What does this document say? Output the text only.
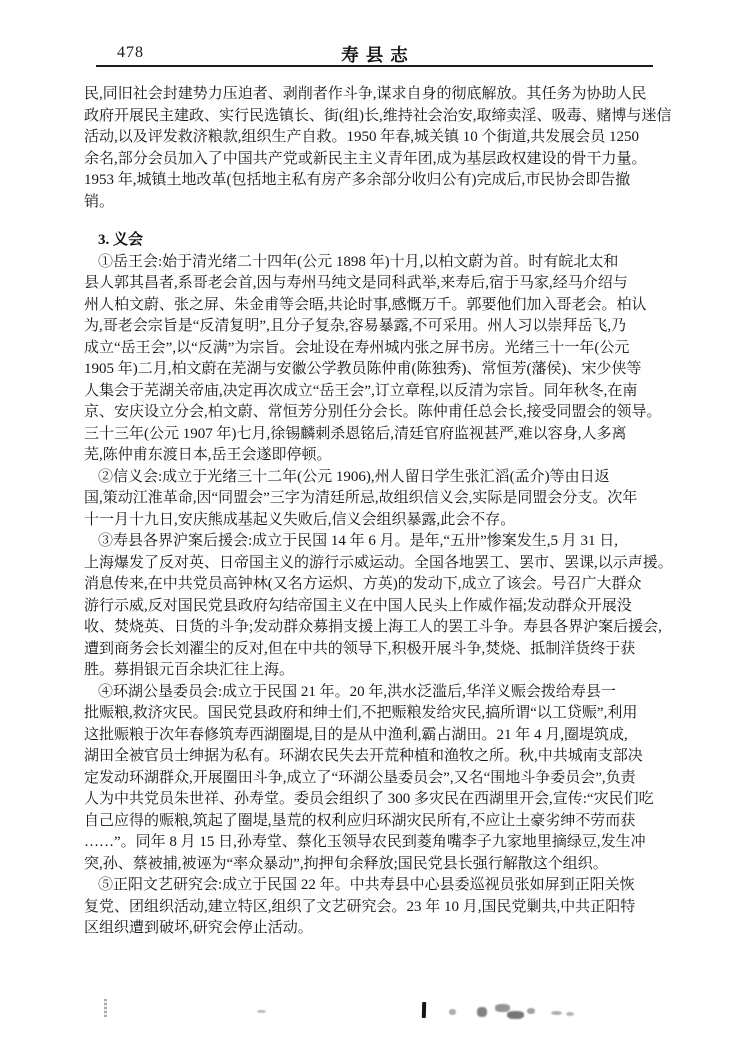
478	寿县志
民,同旧社会封建势力压迫者、剥削者作斗争,谋求自身的彻底解放。其任务为协助人民
政府开展民主建政、实行民选镇长、街(组)长,维持社会治安,取缔卖淫、吸毒、赌博与迷信
活动,以及评发救济粮款,组织生产自救。1950 年春,城关镇 10 个街道,共发展会员 1250
余名,部分会员加入了中国共产党或新民主主义青年团,成为基层政权建设的骨干力量。
1953 年,城镇土地改革(包括地主私有房产多余部分收归公有)完成后,市民协会即告撤
销。
3. 义会
①岳王会:始于清光绪二十四年(公元 1898 年)十月,以柏文蔚为首。时有皖北太和
县人郭其昌者,系哥老会首,因与寿州马纯文是同科武举,来寿后,宿于马家,经马介绍与
州人柏文蔚、张之屏、朱金甫等会晤,共论时事,感慨万千。郭要他们加入哥老会。柏认
为,哥老会宗旨是“反清复明”,且分子复杂,容易暴露,不可采用。州人习以崇拜岳飞,乃
成立“岳王会”,以“反满”为宗旨。会址设在寿州城内张之屏书房。光绪三十一年(公元
1905 年)二月,柏文蔚在芜湖与安徽公学教员陈仲甫(陈独秀)、常恒芳(藩侯)、宋少侠等
人集会于芜湖关帝庙,决定再次成立“岳王会”,订立章程,以反清为宗旨。同年秋冬,在南
京、安庆设立分会,柏文蔚、常恒芳分别任分会长。陈仲甫任总会长,接受同盟会的领导。
三十三年(公元 1907 年)七月,徐锡麟刺杀恩铭后,清廷官府监视甚严,难以容身,人多离
芜,陈仲甫东渡日本,岳王会遂即停顿。
②信义会:成立于光绪三十二年(公元 1906),州人留日学生张汇滔(孟介)等由日返
国,策动江淮革命,因“同盟会”三字为清廷所忌,故组织信义会,实际是同盟会分支。次年
十一月十九日,安庆熊成基起义失败后,信义会组织暴露,此会不存。
③寿县各界沪案后援会:成立于民国 14 年 6 月。是年,“五卅”惨案发生,5 月 31 日,
上海爆发了反对英、日帝国主义的游行示威运动。全国各地罢工、罢市、罢课,以示声援。
消息传来,在中共党员高钟林(又名方运炽、方英)的发动下,成立了该会。号召广大群众
游行示威,反对国民党县政府勾结帝国主义在中国人民头上作威作福;发动群众开展没
收、焚烧英、日货的斗争;发动群众募捐支援上海工人的罢工斗争。寿县各界沪案后援会,
遭到商务会长刘濯尘的反对,但在中共的领导下,积极开展斗争,焚烧、抵制洋货终于获
胜。募捐银元百余块汇往上海。
④环湖公垦委员会:成立于民国 21 年。20 年,洪水泛滥后,华洋义赈会拨给寿县一
批赈粮,救济灾民。国民党县政府和绅士们,不把赈粮发给灾民,搞所谓“以工贷赈”,利用
这批赈粮于次年春修筑寿西湖圈堤,目的是从中渔利,霸占湖田。21 年 4 月,圈堤筑成,
湖田全被官员士绅据为私有。环湖农民失去开荒种植和渔牧之所。秋,中共城南支部决
定发动环湖群众,开展圈田斗争,成立了“环湖公垦委员会”,又名“围地斗争委员会”,负责
人为中共党员朱世祥、孙寿堂。委员会组织了 300 多灾民在西湖里开会,宣传:“灾民们吃
自己应得的赈粮,筑起了圈堤,垦荒的权利应归环湖灾民所有,不应让土豪劣绅不劳而获
……”。同年 8 月 15 日,孙寿堂、蔡化玉领导农民到菱角嘴李子九家地里摘绿豆,发生冲
突,孙、蔡被捕,被诬为“率众暴动”,拘押旬余释放;国民党县长强行解散这个组织。
⑤正阳文艺研究会:成立于民国 22 年。中共寿县中心县委巡视员张如屏到正阳关恢
复党、团组织活动,建立特区,组织了文艺研究会。23 年 10 月,国民党剿共,中共正阳特
区组织遭到破坏,研究会停止活动。
